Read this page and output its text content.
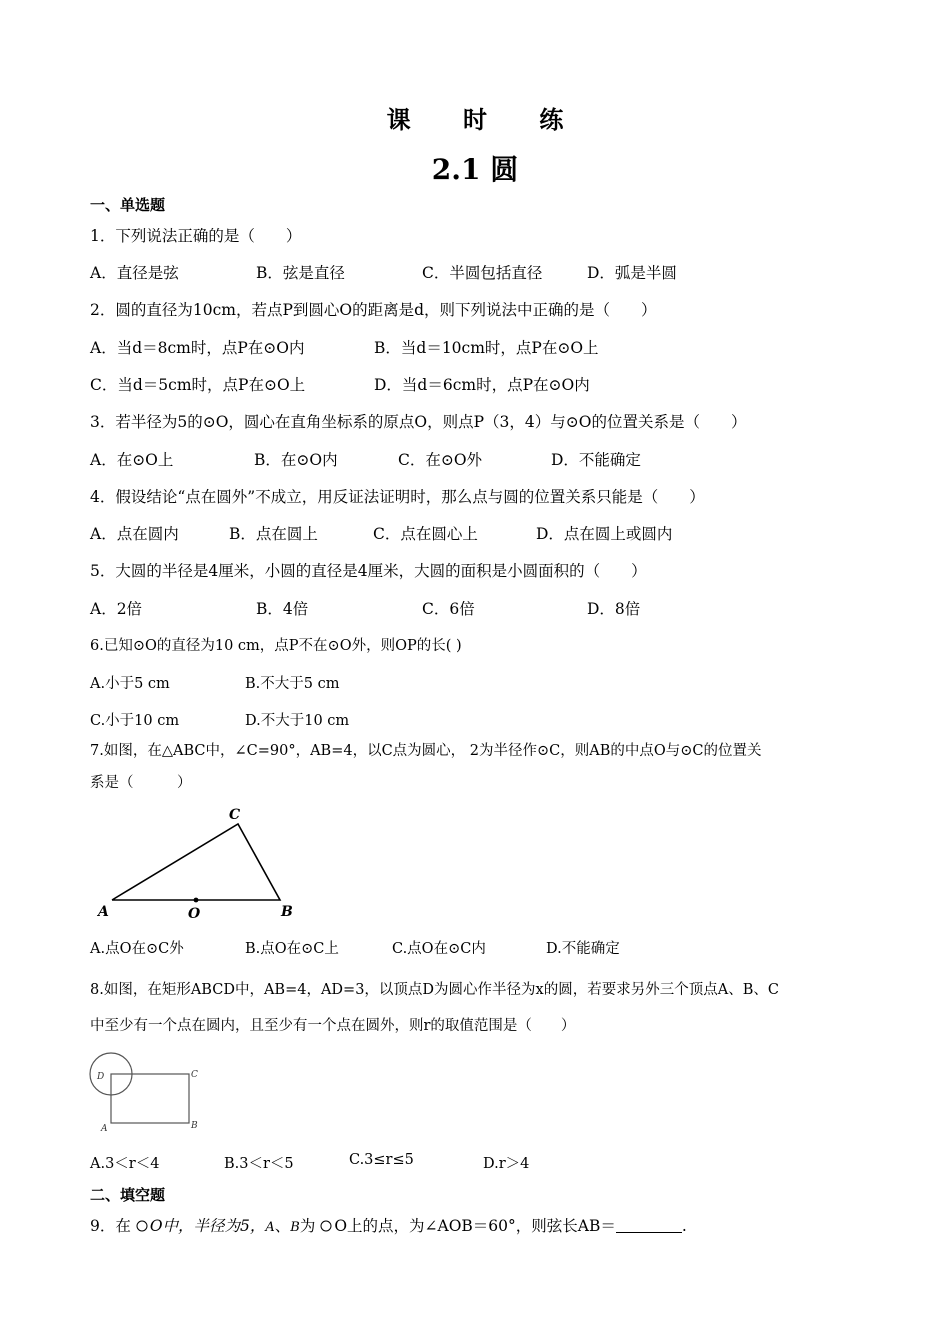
课 时 练
2.1 圆
一、单选题
1．下列说法正确的是（　　）
A．直径是弦	B．弦是直径	C．半圆包括直径	D．弧是半圆
2．圆的直径为10cm，若点P到圆心O的距离是d，则下列说法中正确的是（　　）
A．当d＝8cm时，点P在⊙O内	B．当d＝10cm时，点P在⊙O上
C．当d＝5cm时，点P在⊙O上	D．当d＝6cm时，点P在⊙O内
3．若半径为5的⊙O，圆心在直角坐标系的原点O，则点P（3，4）与⊙O的位置关系是（　　）
A．在⊙O上	B．在⊙O内	C．在⊙O外	D．不能确定
4．假设结论“点在圆外”不成立，用反证法证明时，那么点与圆的位置关系只能是（　　）
A．点在圆内	B．点在圆上	C．点在圆心上	D．点在圆上或圆内
5．大圆的半径是4厘米，小圆的直径是4厘米，大圆的面积是小圆面积的（　　）
A．2倍	B．4倍	C．6倍	D．8倍
6.已知⊙O的直径为10 cm，点P不在⊙O外，则OP的长( )
A.小于5 cm	B.不大于5 cm
C.小于10 cm	D.不大于10 cm
7.如图，在△ABC中，∠C=90°，AB=4，以C点为圆心， 2为半径作⊙C，则AB的中点O与⊙C的位置关
系是（　　　）
A
C
B
O
A.点O在⊙C外	B.点O在⊙C上	C.点O在⊙C内	D.不能确定
8.如图，在矩形ABCD中，AB=4，AD=3，以顶点D为圆心作半径为x的圆，若要求另外三个顶点A、B、C
中至少有一个点在圆内，且至少有一个点在圆外，则r的取值范围是（　　）
D	C
A	B
A.3＜r＜4	B.3＜r＜5	C.3≤r≤5	D.r＞4
二、填空题
9．在 O中，半径为5，A、B为 O上的点，为∠AOB＝60°，则弦长AB＝	.
